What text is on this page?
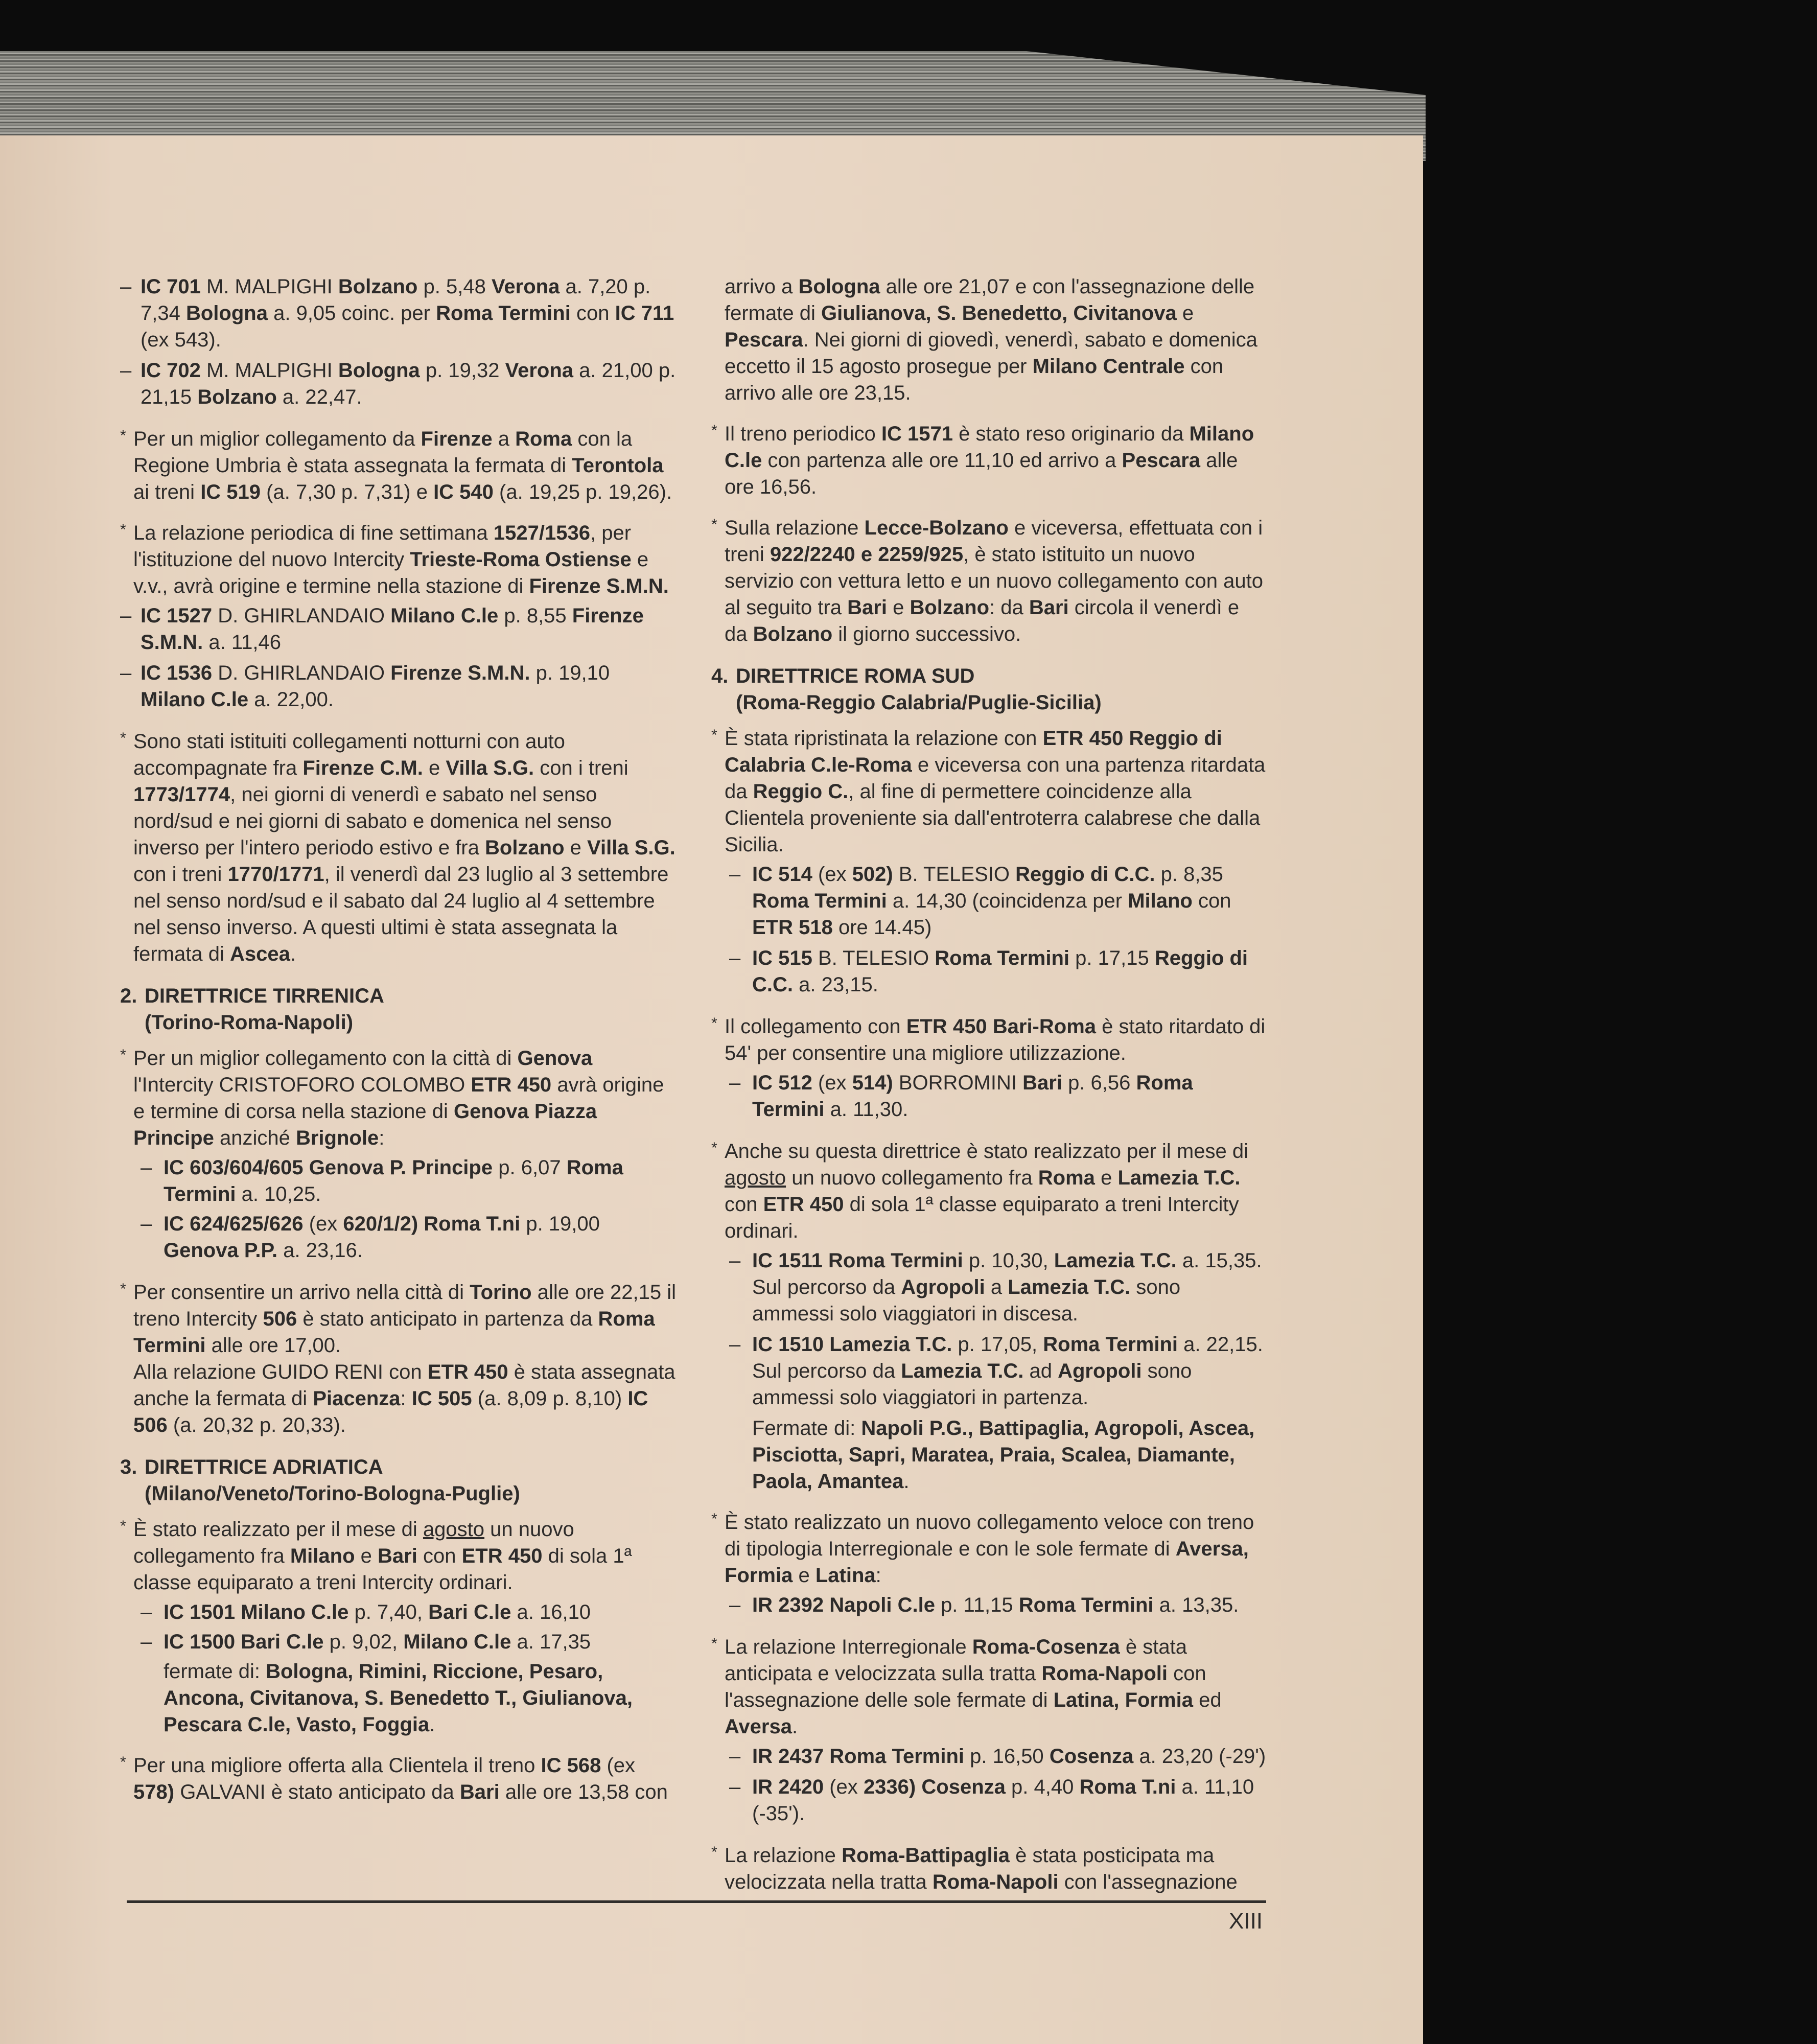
– IC 701 M. MALPIGHI Bolzano p. 5,48 Verona a. 7,20 p. 7,34 Bologna a. 9,05 coinc. per Roma Termini con IC 711 (ex 543).
– IC 702 M. MALPIGHI Bologna p. 19,32 Verona a. 21,00 p. 21,15 Bolzano a. 22,47.

* Per un miglior collegamento da Firenze a Roma con la Regione Umbria è stata assegnata la fermata di Terontola ai treni IC 519 (a. 7,30 p. 7,31) e IC 540 (a. 19,25 p. 19,26).

* La relazione periodica di fine settimana 1527/1536, per l'istituzione del nuovo Intercity Trieste-Roma Ostiense e v.v., avrà origine e termine nella stazione di Firenze S.M.N.

– IC 1527 D. GHIRLANDAIO Milano C.le p. 8,55 Firenze S.M.N. a. 11,46
– IC 1536 D. GHIRLANDAIO Firenze S.M.N. p. 19,10 Milano C.le a. 22,00.

* Sono stati istituiti collegamenti notturni con auto accompagnate fra Firenze C.M. e Villa S.G. con i treni 1773/1774, nei giorni di venerdì e sabato nel senso nord/sud e nei giorni di sabato e domenica nel senso inverso per l'intero periodo estivo e fra Bolzano e Villa S.G. con i treni 1770/1771, il venerdì dal 23 luglio al 3 settembre nel senso nord/sud e il sabato dal 24 luglio al 4 settembre nel senso inverso. A questi ultimi è stata assegnata la fermata di Ascea.

2. DIRETTRICE TIRRENICA
(Torino-Roma-Napoli)

* Per un miglior collegamento con la città di Genova l'Intercity CRISTOFORO COLOMBO ETR 450 avrà origine e termine di corsa nella stazione di Genova Piazza Principe anziché Brignole:

– IC 603/604/605 Genova P. Principe p. 6,07 Roma Termini a. 10,25.
– IC 624/625/626 (ex 620/1/2) Roma T.ni p. 19,00 Genova P.P. a. 23,16.

* Per consentire un arrivo nella città di Torino alle ore 22,15 il treno Intercity 506 è stato anticipato in partenza da Roma Termini alle ore 17,00.

Alla relazione GUIDO RENI con ETR 450 è stata assegnata anche la fermata di Piacenza: IC 505 (a. 8,09 p. 8,10) IC 506 (a. 20,32 p. 20,33).

3. DIRETTRICE ADRIATICA
(Milano/Veneto/Torino-Bologna-Puglie)

* È stato realizzato per il mese di agosto un nuovo collegamento fra Milano e Bari con ETR 450 di sola 1ª classe equiparato a treni Intercity ordinari.

– IC 1501 Milano C.le p. 7,40, Bari C.le a. 16,10
– IC 1500 Bari C.le p. 9,02, Milano C.le a. 17,35

fermate di: Bologna, Rimini, Riccione, Pesaro, Ancona, Civitanova, S. Benedetto T., Giulianova, Pescara C.le, Vasto, Foggia.

* Per una migliore offerta alla Clientela il treno IC 568 (ex 578) GALVANI è stato anticipato da Bari alle ore 13,58 con

arrivo a Bologna alle ore 21,07 e con l'assegnazione delle fermate di Giulianova, S. Benedetto, Civitanova e Pescara. Nei giorni di giovedì, venerdì, sabato e domenica eccetto il 15 agosto prosegue per Milano Centrale con arrivo alle ore 23,15.

* Il treno periodico IC 1571 è stato reso originario da Milano C.le con partenza alle ore 11,10 ed arrivo a Pescara alle ore 16,56.

* Sulla relazione Lecce-Bolzano e viceversa, effettuata con i treni 922/2240 e 2259/925, è stato istituito un nuovo servizio con vettura letto e un nuovo collegamento con auto al seguito tra Bari e Bolzano: da Bari circola il venerdì e da Bolzano il giorno successivo.

4. DIRETTRICE ROMA SUD
(Roma-Reggio Calabria/Puglie-Sicilia)

* È stata ripristinata la relazione con ETR 450 Reggio di Calabria C.le-Roma e viceversa con una partenza ritardata da Reggio C., al fine di permettere coincidenze alla Clientela proveniente sia dall'entroterra calabrese che dalla Sicilia.

– IC 514 (ex 502) B. TELESIO Reggio di C.C. p. 8,35 Roma Termini a. 14,30 (coincidenza per Milano con ETR 518 ore 14.45)
– IC 515 B. TELESIO Roma Termini p. 17,15 Reggio di C.C. a. 23,15.

* Il collegamento con ETR 450 Bari-Roma è stato ritardato di 54' per consentire una migliore utilizzazione.

– IC 512 (ex 514) BORROMINI Bari p. 6,56 Roma Termini a. 11,30.

* Anche su questa direttrice è stato realizzato per il mese di agosto un nuovo collegamento fra Roma e Lamezia T.C. con ETR 450 di sola 1ª classe equiparato a treni Intercity ordinari.

– IC 1511 Roma Termini p. 10,30, Lamezia T.C. a. 15,35. Sul percorso da Agropoli a Lamezia T.C. sono ammessi solo viaggiatori in discesa.
– IC 1510 Lamezia T.C. p. 17,05, Roma Termini a. 22,15. Sul percorso da Lamezia T.C. ad Agropoli sono ammessi solo viaggiatori in partenza.

Fermate di: Napoli P.G., Battipaglia, Agropoli, Ascea, Pisciotta, Sapri, Maratea, Praia, Scalea, Diamante, Paola, Amantea.

* È stato realizzato un nuovo collegamento veloce con treno di tipologia Interregionale e con le sole fermate di Aversa, Formia e Latina:

– IR 2392 Napoli C.le p. 11,15 Roma Termini a. 13,35.

* La relazione Interregionale Roma-Cosenza è stata anticipata e velocizzata sulla tratta Roma-Napoli con l'assegnazione delle sole fermate di Latina, Formia ed Aversa.

– IR 2437 Roma Termini p. 16,50 Cosenza a. 23,20 (-29')
– IR 2420 (ex 2336) Cosenza p. 4,40 Roma T.ni a. 11,10 (-35').

* La relazione Roma-Battipaglia è stata posticipata ma velocizzata nella tratta Roma-Napoli con l'assegnazione

XIII
